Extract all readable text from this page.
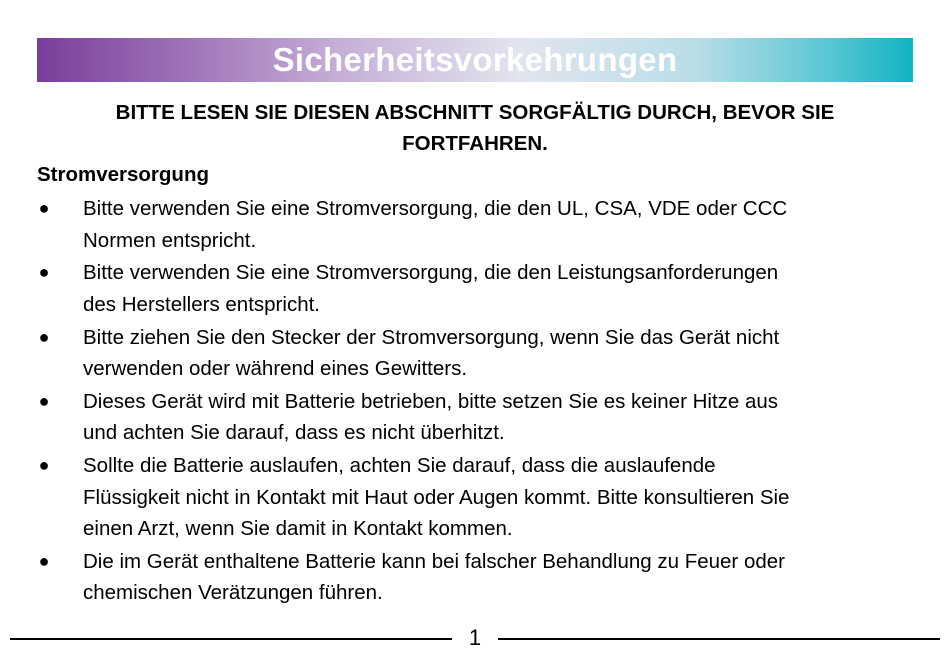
Sicherheitsvorkehrungen
BITTE LESEN SIE DIESEN ABSCHNITT SORGFÄLTIG DURCH, BEVOR SIE
FORTFAHREN.
Stromversorgung
● Bitte verwenden Sie eine Stromversorgung, die den UL, CSA, VDE oder CCC
Normen entspricht.
● Bitte verwenden Sie eine Stromversorgung, die den Leistungsanforderungen
des Herstellers entspricht.
● Bitte ziehen Sie den Stecker der Stromversorgung, wenn Sie das Gerät nicht
verwenden oder während eines Gewitters.
● Dieses Gerät wird mit Batterie betrieben, bitte setzen Sie es keiner Hitze aus
und achten Sie darauf, dass es nicht überhitzt.
● Sollte die Batterie auslaufen, achten Sie darauf, dass die auslaufende
Flüssigkeit nicht in Kontakt mit Haut oder Augen kommt. Bitte konsultieren Sie
einen Arzt, wenn Sie damit in Kontakt kommen.
● Die im Gerät enthaltene Batterie kann bei falscher Behandlung zu Feuer oder
chemischen Verätzungen führen.
1
